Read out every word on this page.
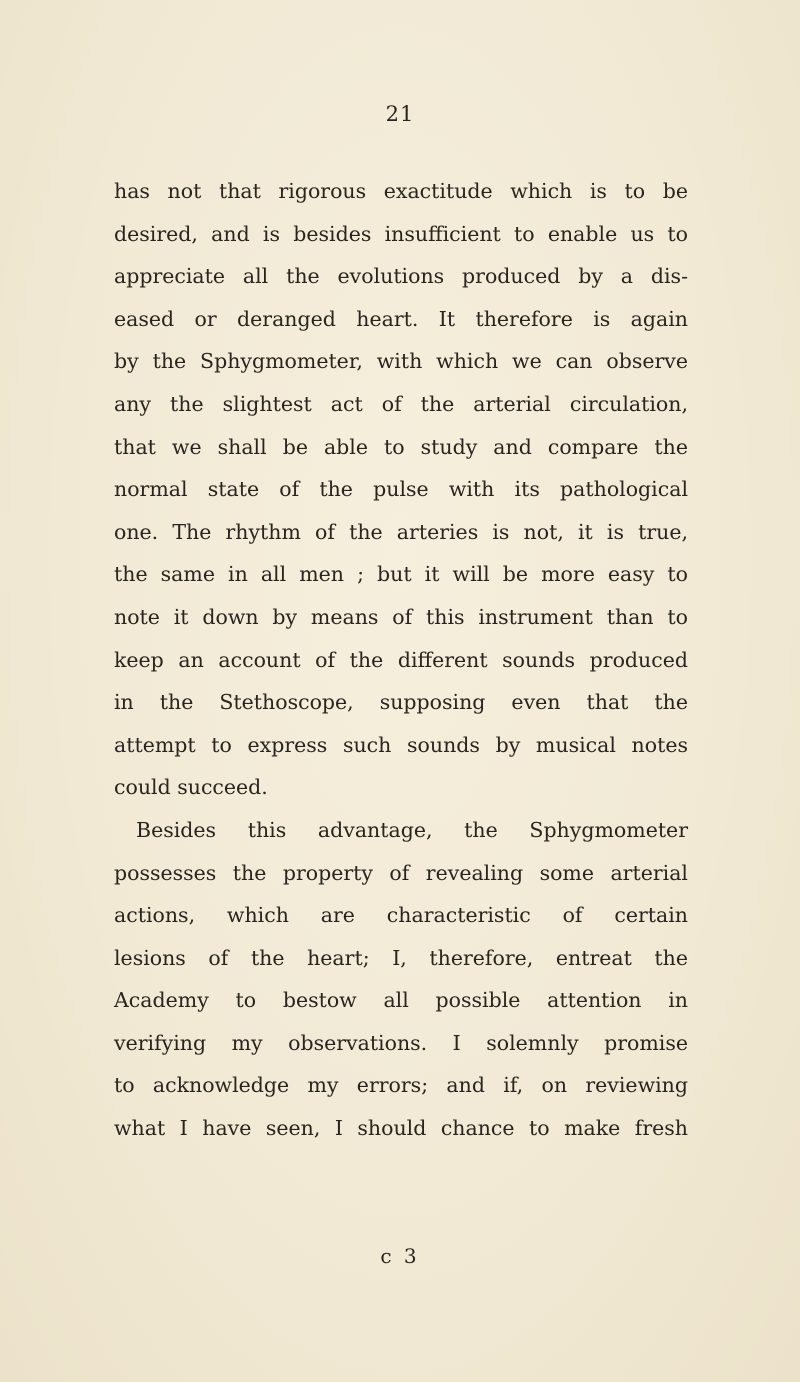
21
has not that rigorous exactitude which is to be
desired, and is besides insufficient to enable us to
appreciate all the evolutions produced by a dis-
eased or deranged heart. It therefore is again
by the Sphygmometer, with which we can observe
any the slightest act of the arterial circulation,
that we shall be able to study and compare the
normal state of the pulse with its pathological
one. The rhythm of the arteries is not, it is true,
the same in all men ; but it will be more easy to
note it down by means of this instrument than to
keep an account of the different sounds produced
in the Stethoscope, supposing even that the
attempt to express such sounds by musical notes
could succeed.
Besides this advantage, the Sphygmometer
possesses the property of revealing some arterial
actions, which are characteristic of certain
lesions of the heart; I, therefore, entreat the
Academy to bestow all possible attention in
verifying my observations. I solemnly promise
to acknowledge my errors; and if, on reviewing
what I have seen, I should chance to make fresh
c 3
